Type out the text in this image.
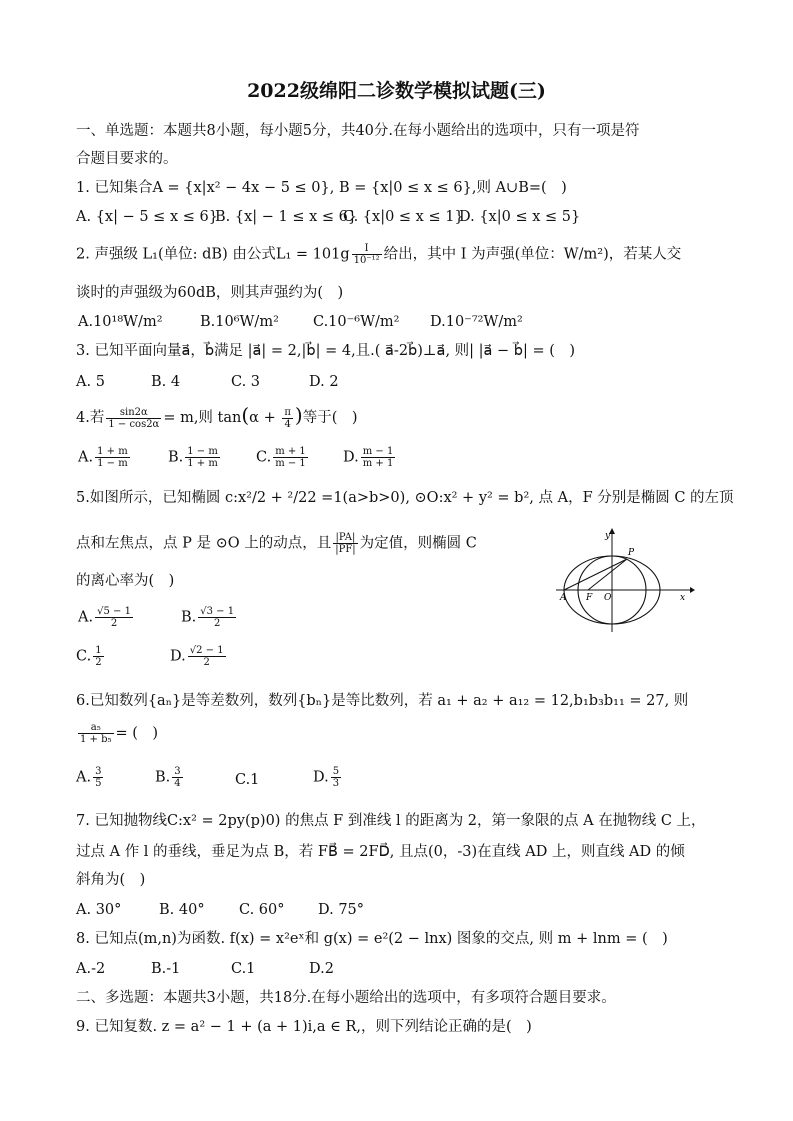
2022级绵阳二诊数学模拟试题(三)
一、单选题：本题共8小题，每小题5分，共40分.在每小题给出的选项中，只有一项是符
合题目要求的。
1. 已知集合A = {x|x² − 4x − 5 ≤ 0}, B = {x|0 ≤ x ≤ 6},则 A∪B=(　)
A. {x| − 5 ≤ x ≤ 6}
B. {x| − 1 ≤ x ≤ 6}
C. {x|0 ≤ x ≤ 1}
D. {x|0 ≤ x ≤ 5}
2. 声强级 L₁(单位: dB) 由公式$L_1 = 101g \frac{I}{\text{10⁻¹²}}$ 给出，其中 I 为声强(单位：W/m²)，若某人交
谈时的声强级为60dB，则其声强约为(　)
A.10¹⁸W/m²	B.10⁶W/m² C.10⁻⁶W/m² D.10⁻⁷²W/m²
3. 已知平面向量a⃗，b⃗满足 |a⃗| = 2,|b⃗| = 4,且.( a⃗-2b⃗)⊥a⃗, 则| |a⃗ − b⃗| = (　)
A. 5	B. 4	C. 3	D. 2
4.若 $\frac{\sin 2\alpha}{1 - \cos 2\alpha} = m$,则 $\tan(\alpha + \frac{\pi}{4}$ )等于(　)
A. $\frac{1 + m}{1 - m}$	B. $\frac{1 - m}{1 + m} C$. $\frac{m + 1}{m - 1} D$. $\frac{m - 1}{m + 1}$
5.如图所示，已知椭圆 c:x²/2 + ²/22 =1(a>b>0), ⊙O:x² + y² = b², 点 A，F 分别是椭圆 C 的左顶
点和左焦点，点 P 是 ⊙O 上的动点，且 $\frac{|PA|}{|PF|}$ 为定值，则椭圆 C
的离心率为(　)
A. $\frac{√5 - 1}{2}$	B. $\frac{√3 - 1}{2}$
C. $\frac{1}{2}$	D. $\frac{√2 - 1}{2}$
y
x
P
A F O
6.已知数列{aₙ}是等差数列，数列{bₙ}是等比数列，若 a₁ + a₂ + a₁₂ = 12,b₁b₃b₁₁ = 27, 则
$\frac{\text{a₅}}{\text{1 + b₅}}$ = (　)
A. $\frac{3}{5}$	B. $\frac{3}{4}$	C.1	D. $\frac{5}{3}$
7. 已知抛物线C:x² = 2py(p)0) 的焦点 F 到准线 l 的距离为 2，第一象限的点 A 在抛物线 C 上，
过点 A 作 l 的垂线，垂足为点 B，若 FB⃗ = 2FD⃗, 且点(0，-3)在直线 AD 上，则直线 AD 的倾
斜角为(　)
A. 30°	B. 40° C. 60° D. 75°
8. 已知点(m,n)为函数. f(x) = x²eˣ和 g(x) = e²(2 − lnx) 图象的交点, 则 m + lnm = (　)
A.-2	B.-1	C.1	D.2
二、多选题：本题共3小题，共18分.在每小题给出的选项中，有多项符合题目要求。
9. 已知复数. z = a² − 1 + (a + 1)i,a ∈ R,，则下列结论正确的是(　)
